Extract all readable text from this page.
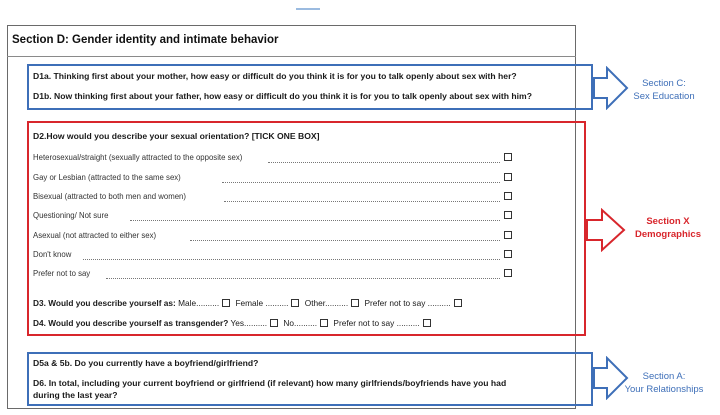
Section D: Gender identity and intimate behavior
D1a. Thinking first about your mother, how easy or difficult do you think it is for you to talk openly about sex with her?
D1b. Now thinking first about your father, how easy or difficult do you think it is for you to talk openly about sex with him?
D2.How would you describe your sexual orientation? [TICK ONE BOX]
Heterosexual/straight (sexually attracted to the opposite sex)
Gay or Lesbian (attracted to the same sex)
Bisexual (attracted to both men and women)
Questioning/ Not sure
Asexual (not attracted to either sex)
Don't know
Prefer not to say
D3. Would you describe yourself as: Male.......... Female .......... Other.......... Prefer not to say ..........
D4. Would you describe yourself as transgender? Yes.......... No.......... Prefer not to say ..........
D5a & 5b. Do you currently have a boyfriend/girlfriend?
D6. In total, including your current boyfriend or girlfriend (if relevant) how many girlfriends/boyfriends have you had
during the last year?
Section C:
Sex Education
Section X
Demographics
Section A:
Your Relationships
